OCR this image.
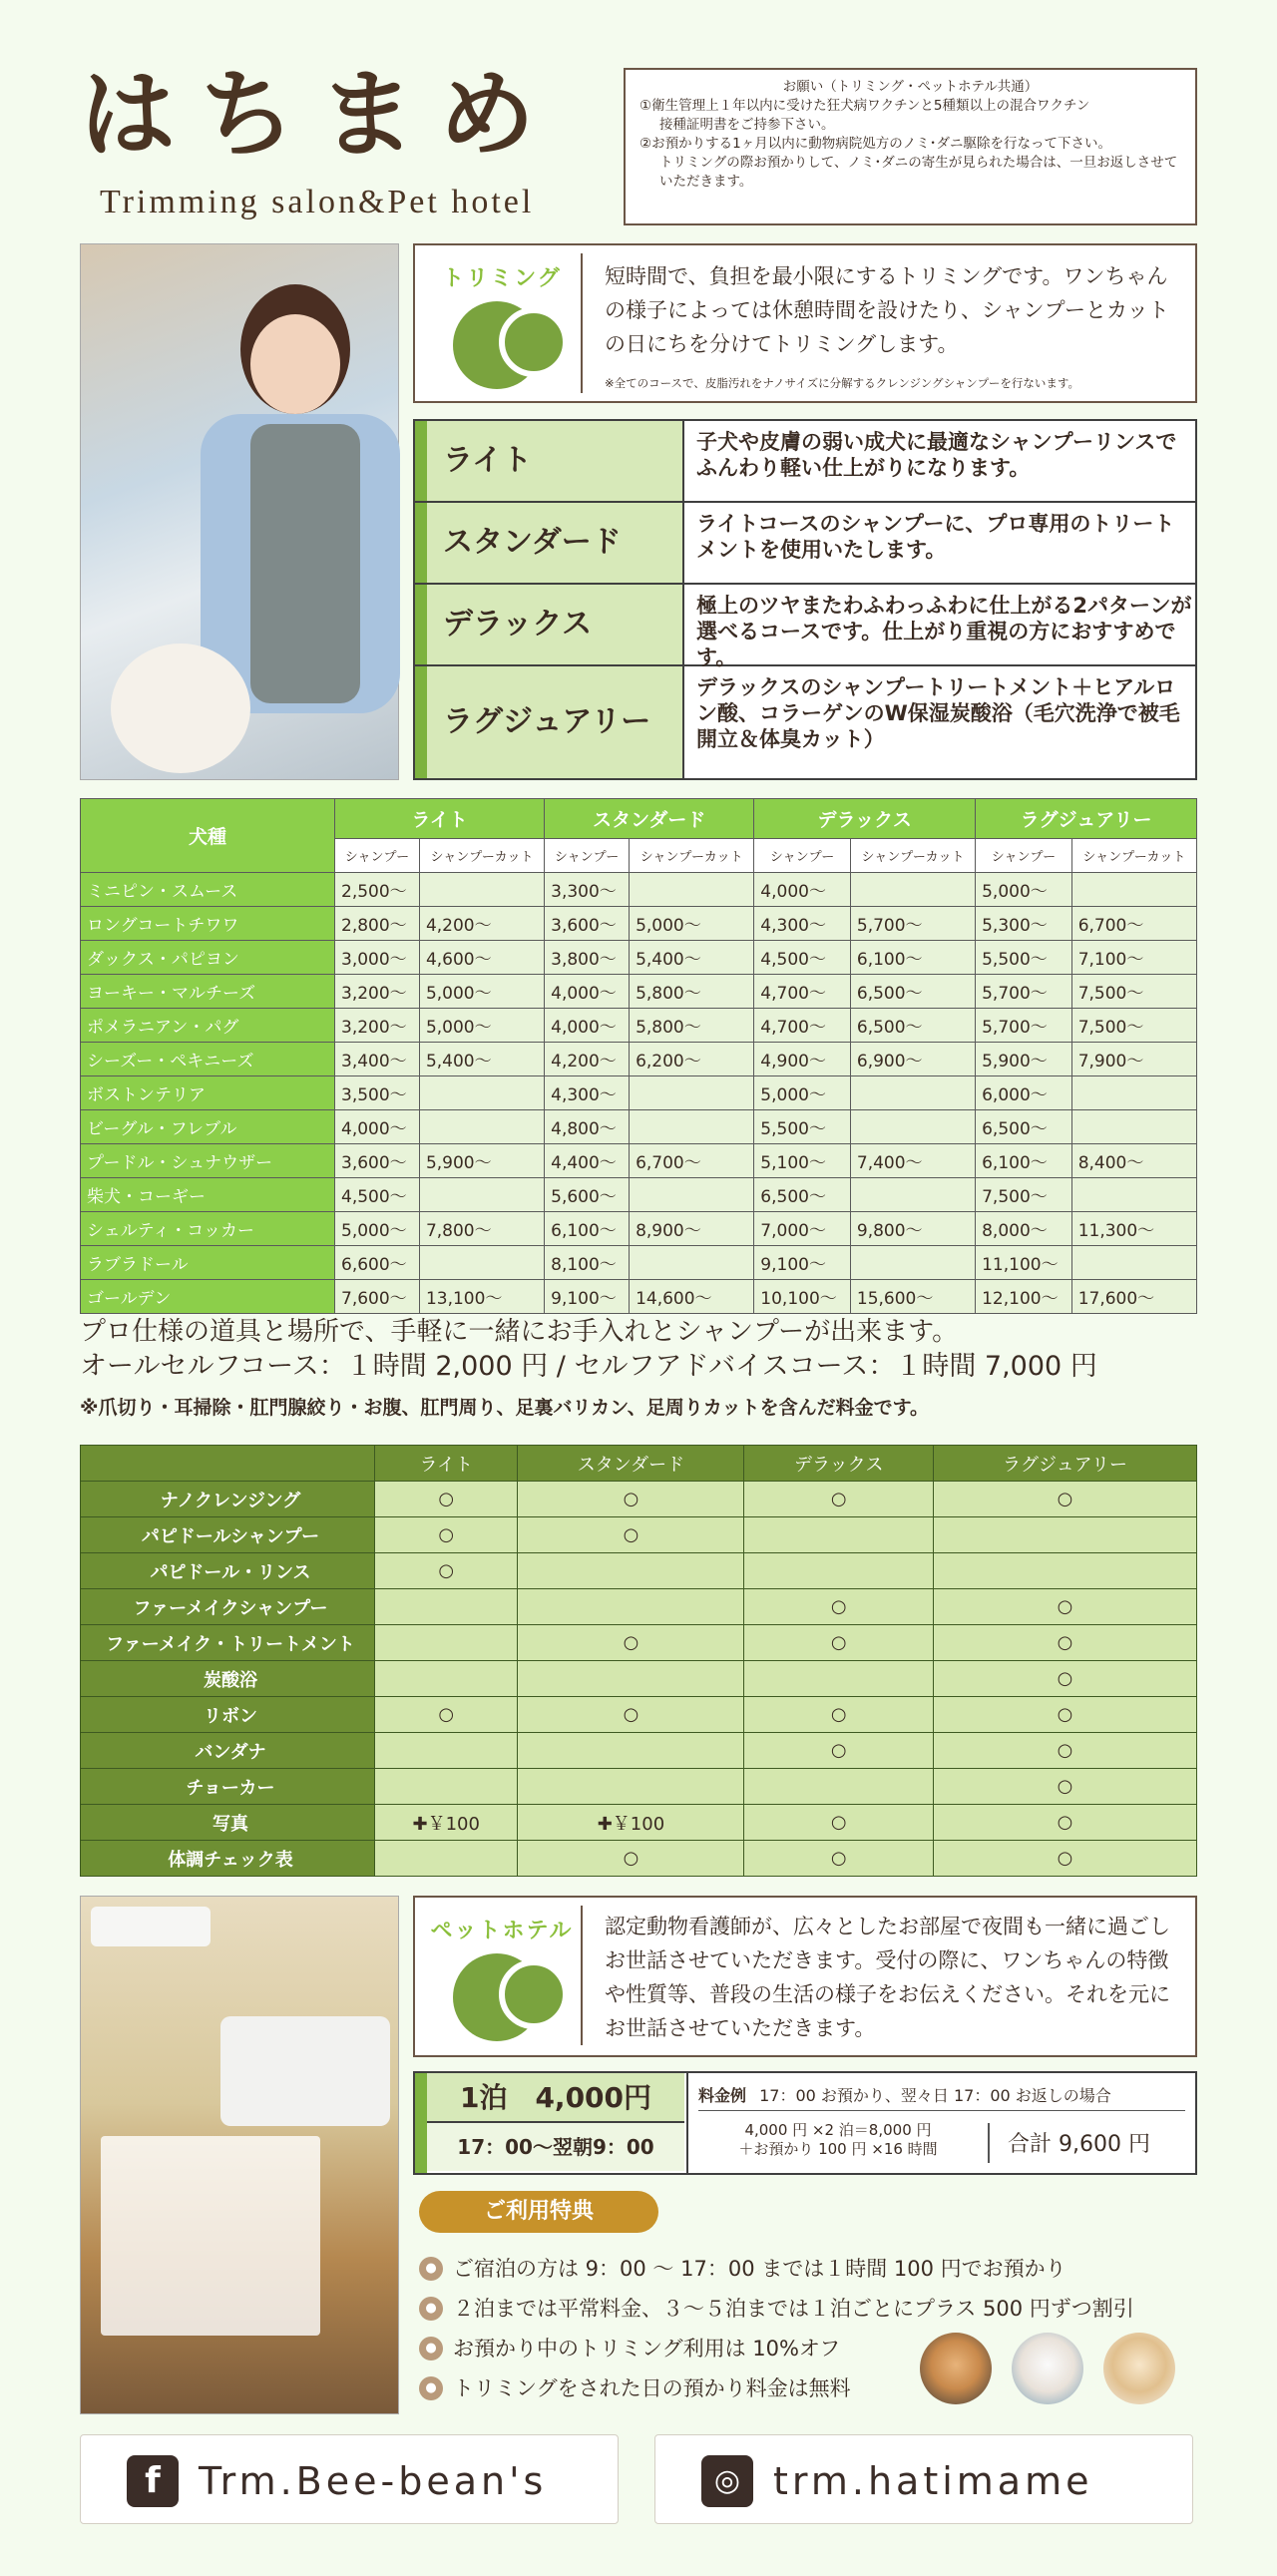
はちまめ
Trimming salon&Pet hotel
お願い（トリミング・ペットホテル共通）

①衛生管理上１年以内に受けた狂犬病ワクチンと5種類以上の混合ワクチン

接種証明書をご持参下さい。

②お預かりする1ヶ月以内に動物病院処方のノミ･ダニ駆除を行なって下さい。

トリミングの際お預かりして、ノミ･ダニの寄生が見られた場合は、一旦お返しさせていただきます。

トリミング	短時間で、負担を最小限にするトリミングです。ワンちゃんの様子によっては休憩時間を設けたり、シャンプーとカットの日にちを分けてトリミングします。
※全てのコースで、皮脂汚れをナノサイズに分解するクレンジングシャンプーを行ないます。
ライト
子犬や皮膚の弱い成犬に最適なシャンプーリンスでふんわり軽い仕上がりになります。
スタンダード
ライトコースのシャンプーに、プロ専用のトリートメントを使用いたします。
デラックス
極上のツヤまたわふわっふわに仕上がる2パターンが選べるコースです。仕上がり重視の方におすすめです。
ラグジュアリー
デラックスのシャンプートリートメント＋ヒアルロン酸、コラーゲンのW保湿炭酸浴（毛穴洗浄で被毛開立＆体臭カット）
犬種	ライト		スタンダード		デラックス		ラグジュアリー	
	シャンプー	シャンプーカット	シャンプー	シャンプーカット	シャンプー	シャンプーカット	シャンプー	シャンプーカット
ミニピン・スムース	2,500～		3,300～		4,000～		5,000～	
ロングコートチワワ	2,800～	4,200～	3,600～	5,000～	4,300～	5,700～	5,300～	6,700～
ダックス・パピヨン	3,000～	4,600～	3,800～	5,400～	4,500～	6,100～	5,500～	7,100～
ヨーキー・マルチーズ	3,200～	5,000～	4,000～	5,800～	4,700～	6,500～	5,700～	7,500～
ポメラニアン・パグ	3,200～	5,000～	4,000～	5,800～	4,700～	6,500～	5,700～	7,500～
シーズー・ペキニーズ	3,400～	5,400～	4,200～	6,200～	4,900～	6,900～	5,900～	7,900～
ボストンテリア	3,500～		4,300～		5,000～		6,000～	
ビーグル・フレブル	4,000～		4,800～		5,500～		6,500～	
プードル・シュナウザー	3,600～	5,900～	4,400～	6,700～	5,100～	7,400～	6,100～	8,400～
柴犬・コーギー	4,500～		5,600～		6,500～		7,500～	
シェルティ・コッカー	5,000～	7,800～	6,100～	8,900～	7,000～	9,800～	8,000～	11,300～
ラブラドール	6,600～		8,100～		9,100～		11,100～	
ゴールデン	7,600～	13,100～	9,100～	14,600～	10,100～	15,600～	12,100～	17,600～
プロ仕様の道具と場所で、手軽に一緒にお手入れとシャンプーが出来ます。
オールセルフコース：１時間 2,000 円 / セルフアドバイスコース：１時間 7,000 円
※爪切り・耳掃除・肛門腺絞り・お腹、肛門周り、足裏バリカン、足周りカットを含んだ料金です。
	ライト	スタンダード	デラックス	ラグジュアリー
ナノクレンジング	○	○	○	○
パピドールシャンプー	○	○		
パピドール・リンス	○			
ファーメイクシャンプー			○	○
ファーメイク・トリートメント		○	○	○
炭酸浴				○
リボン	○	○	○	○
バンダナ			○	○
チョーカー				○
写真	✚￥100	✚￥100	○	○
体調チェック表		○	○	○
ペットホテル	認定動物看護師が、広々としたお部屋で夜間も一緒に過ごしお世話させていただきます。受付の際に、ワンちゃんの特徴や性質等、普段の生活の様子をお伝えください。それを元にお世話させていただきます。
1泊　4,000円
17：00～翌朝9：00
料金例 17：00 お預かり、翌々日 17：00 お返しの場合
4,000 円 ×2 泊＝8,000 円
＋お預かり 100 円 ×16 時間	合計 9,600 円
ご利用特典
● ご宿泊の方は 9：00 ～ 17：00 までは１時間 100 円でお預かり
● ２泊までは平常料金、３～５泊までは１泊ごとにプラス 500 円ずつ割引
● お預かり中のトリミング利用は 10%オフ
● トリミングをされた日の預かり料金は無料
f	Trm.Bee-bean's	◎ trm.hatimame
